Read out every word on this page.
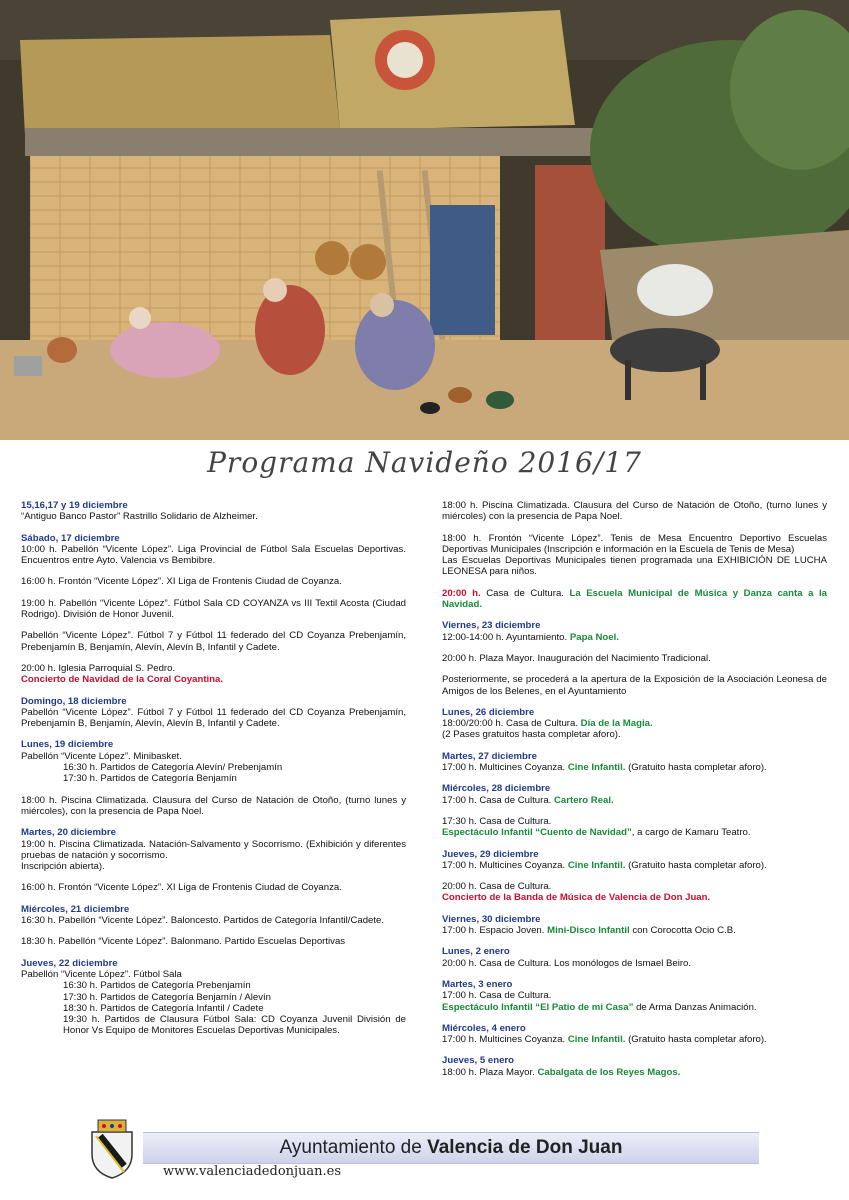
Programa Navideño 2016/17
15,16,17 y 19 diciembre
“Antiguo Banco Pastor” Rastrillo Solidario de Alzheimer.
Sábado, 17 diciembre
10:00 h. Pabellón “Vicente López”. Liga Provincial de Fútbol Sala Escuelas Deportivas. Encuentros entre Ayto. Valencia vs Bembibre.
16:00 h. Frontón “Vicente López”. XI Liga de Frontenis Ciudad de Coyanza.
19:00 h. Pabellón “Vicente López”. Fútbol Sala CD COYANZA vs III Textil Acosta (Ciudad Rodrigo). División de Honor Juvenil.
Pabellón “Vicente López”. Fútbol 7 y Fútbol 11 federado del CD Coyanza Prebenjamín, Prebenjamín B, Benjamín, Alevín, Alevín B, Infantil y Cadete.
20:00 h. Iglesia Parroquial S. Pedro.
Concierto de Navidad de la Coral Coyantina.
Domingo, 18 diciembre
Pabellón “Vicente López”. Fútbol 7 y Fútbol 11 federado del CD Coyanza Prebenjamín, Prebenjamín B, Benjamín, Alevín, Alevín B, Infantil y Cadete.
Lunes, 19 diciembre
Pabellón “Vicente López”. Minibasket.
16:30 h. Partidos de Categoría Alevín/ Prebenjamín
17:30 h. Partidos de Categoría Benjamín
18:00 h. Piscina Climatizada. Clausura del Curso de Natación de Otoño, (turno lunes y miércoles), con la presencia de Papa Noel.
Martes, 20 diciembre
19:00 h. Piscina Climatizada. Natación-Salvamento y Socorrismo. (Exhibición y diferentes pruebas de natación y socorrismo.
Inscripción abierta).
16:00 h. Frontón “Vicente López”. XI Liga de Frontenis Ciudad de Coyanza.
Miércoles, 21 diciembre
16:30 h. Pabellón “Vicente López”. Baloncesto. Partidos de Categoría Infantil/Cadete.
18:30 h. Pabellón “Vicente López”. Balonmano. Partido Escuelas Deportivas
Jueves, 22 diciembre
Pabellón “Vicente López”. Fútbol Sala
16:30 h. Partidos de Categoría Prebenjamín
17:30 h. Partidos de Categoría Benjamín / Alevín
18:30 h. Partidos de Categoría Infantil / Cadete
19:30 h. Partidos de Clausura Fútbol Sala: CD Coyanza Juvenil División de Honor Vs Equipo de Monitores Escuelas Deportivas Municipales.
18:00 h. Piscina Climatizada. Clausura del Curso de Natación de Otoño, (turno lunes y miércoles) con la presencia de Papa Noel.
18:00 h. Frontón “Vicente López”. Tenis de Mesa Encuentro Deportivo Escuelas Deportivas Municipales (Inscripción e información en la Escuela de Tenis de Mesa)
Las Escuelas Deportivas Municipales tienen programada una EXHIBICIÓN DE LUCHA LEONESA para niños.
20:00 h. Casa de Cultura. La Escuela Municipal de Música y Danza canta a la Navidad.
Viernes, 23 diciembre
12:00-14:00 h. Ayuntamiento. Papa Noel.
20:00 h. Plaza Mayor. Inauguración del Nacimiento Tradicional.
Posteriormente, se procederá a la apertura de la Exposición de la Asociación Leonesa de Amigos de los Belenes, en el Ayuntamiento
Lunes, 26 diciembre
18:00/20:00 h. Casa de Cultura. Día de la Magia.
(2 Pases gratuitos hasta completar aforo).
Martes, 27 diciembre
17:00 h. Multicines Coyanza. Cine Infantil. (Gratuito hasta completar aforo).
Miércoles, 28 diciembre
17:00 h. Casa de Cultura. Cartero Real.
17:30 h. Casa de Cultura.
Espectáculo Infantil “Cuento de Navidad”, a cargo de Kamaru Teatro.
Jueves, 29 diciembre
17:00 h. Multicines Coyanza. Cine Infantil. (Gratuito hasta completar aforo).
20:00 h. Casa de Cultura.
Concierto de la Banda de Música de Valencia de Don Juan.
Viernes, 30 diciembre
17:00 h. Espacio Joven. Mini-Disco Infantil con Corocotta Ocio C.B.
Lunes, 2 enero
20:00 h. Casa de Cultura. Los monólogos de Ismael Beiro.
Martes, 3 enero
17:00 h. Casa de Cultura.
Espectáculo Infantil “El Patio de mi Casa” de Arma Danzas Animación.
Miércoles, 4 enero
17:00 h. Multicines Coyanza. Cine Infantil. (Gratuito hasta completar aforo).
Jueves, 5 enero
18:00 h. Plaza Mayor. Cabalgata de los Reyes Magos.
Ayuntamiento de Valencia de Don Juan
www.valenciadedonjuan.es
